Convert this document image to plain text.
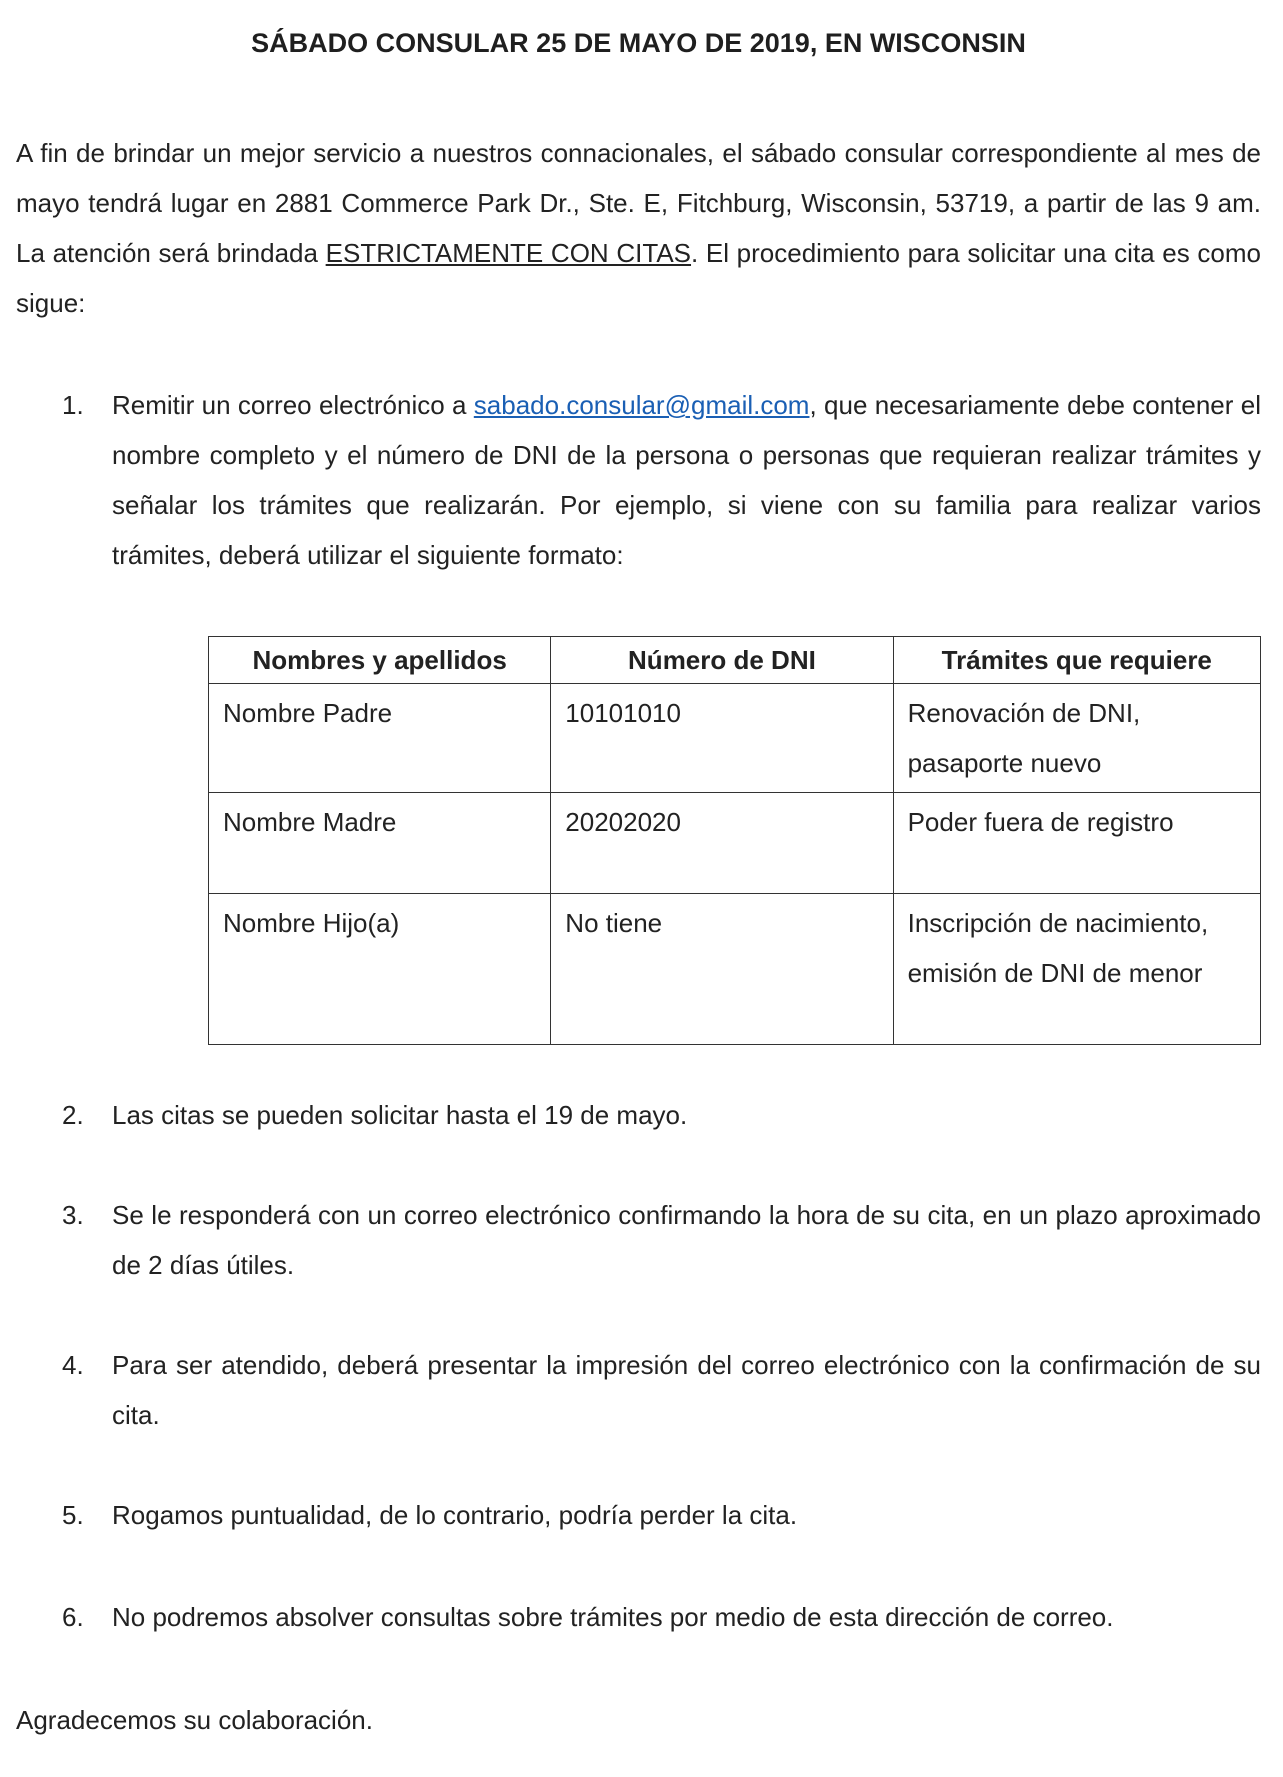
SÁBADO CONSULAR 25 DE MAYO DE 2019, EN WISCONSIN

A fin de brindar un mejor servicio a nuestros connacionales, el sábado consular correspondiente al mes de mayo tendrá lugar en 2881 Commerce Park Dr., Ste. E, Fitchburg, Wisconsin, 53719, a partir de las 9 am. La atención será brindada ESTRICTAMENTE CON CITAS. El procedimiento para solicitar una cita es como sigue:

1. Remitir un correo electrónico a sabado.consular@gmail.com, que necesariamente debe contener el nombre completo y el número de DNI de la persona o personas que requieran realizar trámites y señalar los trámites que realizarán. Por ejemplo, si viene con su familia para realizar varios trámites, deberá utilizar el siguiente formato:

Nombres y apellidos	Número de DNI	Trámites que requiere
Nombre Padre	10101010	Renovación de DNI, pasaporte nuevo
Nombre Madre	20202020	Poder fuera de registro
Nombre Hijo(a)	No tiene	Inscripción de nacimiento, emisión de DNI de menor
2. Las citas se pueden solicitar hasta el 19 de mayo.

3. Se le responderá con un correo electrónico confirmando la hora de su cita, en un plazo aproximado de 2 días útiles.

4. Para ser atendido, deberá presentar la impresión del correo electrónico con la confirmación de su cita.

5. Rogamos puntualidad, de lo contrario, podría perder la cita.

6. No podremos absolver consultas sobre trámites por medio de esta dirección de correo.

Agradecemos su colaboración.
